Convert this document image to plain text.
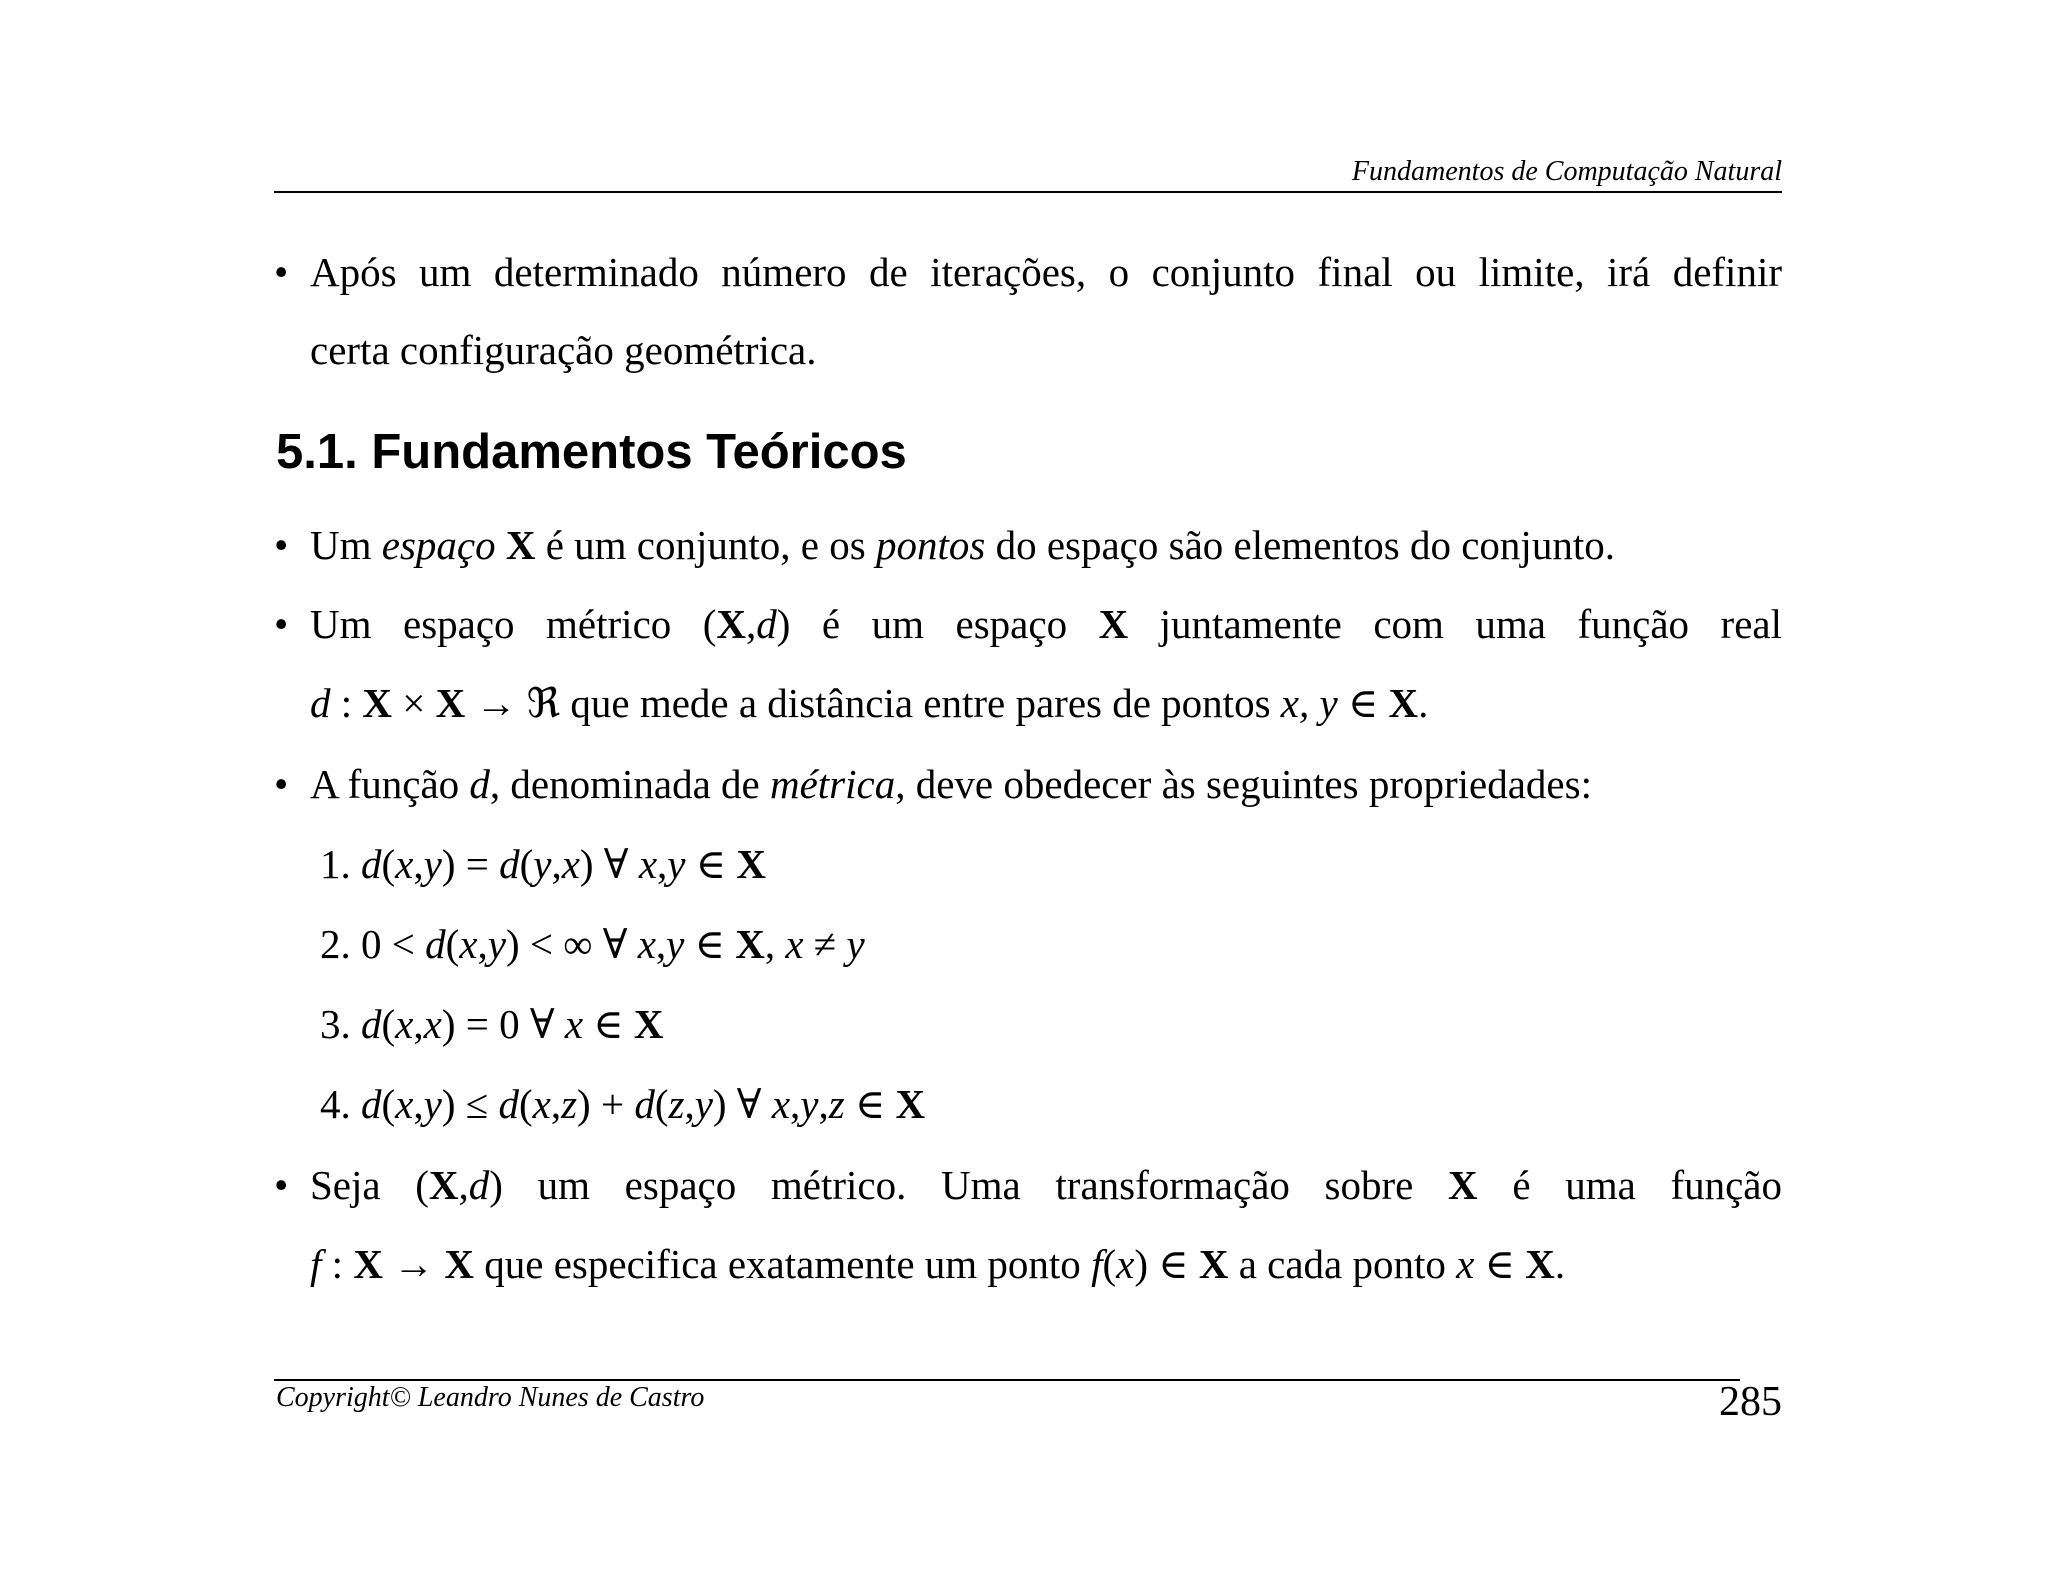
Fundamentos de Computação Natural
• Após um determinado número de iterações, o conjunto final ou limite, irá definir
certa configuração geométrica.
5.1. Fundamentos Teóricos
• Um espaço X é um conjunto, e os pontos do espaço são elementos do conjunto.
• Um espaço métrico (X,d) é um espaço X juntamente com uma função real
d : X × X → ℜ que mede a distância entre pares de pontos x, y ∈ X.
• A função d, denominada de métrica, deve obedecer às seguintes propriedades:
1. d(x,y) = d(y,x) ∀ x,y ∈ X
2. 0 < d(x,y) < ∞ ∀ x,y ∈ X, x ≠ y
3. d(x,x) = 0 ∀ x ∈ X
4. d(x,y) ≤ d(x,z) + d(z,y) ∀ x,y,z ∈ X
• Seja (X,d) um espaço métrico. Uma transformação sobre X é uma função
f : X → X que especifica exatamente um ponto f(x) ∈ X a cada ponto x ∈ X.
Copyright© Leandro Nunes de Castro	285
